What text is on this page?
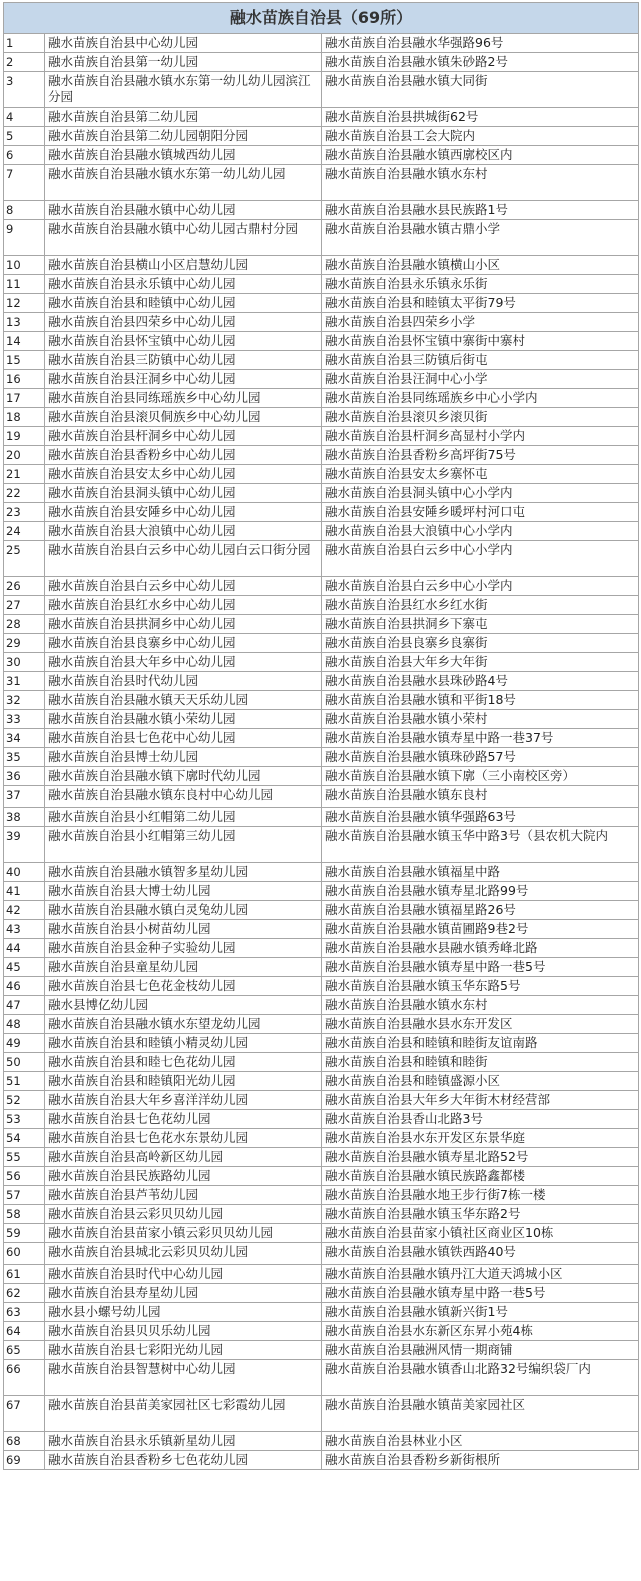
融水苗族自治县（69所）		
1	融水苗族自治县中心幼儿园	融水苗族自治县融水华强路96号
2	融水苗族自治县第一幼儿园	融水苗族自治县融水镇朱砂路2号
3	融水苗族自治县融水镇水东第一幼儿幼儿园滨江分园	融水苗族自治县融水镇大同街
4	融水苗族自治县第二幼儿园	融水苗族自治县拱城街62号
5	融水苗族自治县第二幼儿园朝阳分园	融水苗族自治县工会大院内
6	融水苗族自治县融水镇城西幼儿园	融水苗族自治县融水镇西廓校区内
7	融水苗族自治县融水镇水东第一幼儿幼儿园	融水苗族自治县融水镇水东村
8	融水苗族自治县融水镇中心幼儿园	融水苗族自治县融水县民族路1号
9	融水苗族自治县融水镇中心幼儿园古鼎村分园	融水苗族自治县融水镇古鼎小学
10	融水苗族自治县横山小区启慧幼儿园	融水苗族自治县融水镇横山小区
11	融水苗族自治县永乐镇中心幼儿园	融水苗族自治县永乐镇永乐街
12	融水苗族自治县和睦镇中心幼儿园	融水苗族自治县和睦镇太平街79号
13	融水苗族自治县四荣乡中心幼儿园	融水苗族自治县四荣乡小学
14	融水苗族自治县怀宝镇中心幼儿园	融水苗族自治县怀宝镇中寨街中寨村
15	融水苗族自治县三防镇中心幼儿园	融水苗族自治县三防镇后街屯
16	融水苗族自治县汪洞乡中心幼儿园	融水苗族自治县汪洞中心小学
17	融水苗族自治县同练瑶族乡中心幼儿园	融水苗族自治县同练瑶族乡中心小学内
18	融水苗族自治县滚贝侗族乡中心幼儿园	融水苗族自治县滚贝乡滚贝街
19	融水苗族自治县杆洞乡中心幼儿园	融水苗族自治县杆洞乡高显村小学内
20	融水苗族自治县香粉乡中心幼儿园	融水苗族自治县香粉乡高坪街75号
21	融水苗族自治县安太乡中心幼儿园	融水苗族自治县安太乡寨怀屯
22	融水苗族自治县洞头镇中心幼儿园	融水苗族自治县洞头镇中心小学内
23	融水苗族自治县安陲乡中心幼儿园	融水苗族自治县安陲乡暖坪村河口屯
24	融水苗族自治县大浪镇中心幼儿园	融水苗族自治县大浪镇中心小学内
25	融水苗族自治县白云乡中心幼儿园白云口街分园	融水苗族自治县白云乡中心小学内
26	融水苗族自治县白云乡中心幼儿园	融水苗族自治县白云乡中心小学内
27	融水苗族自治县红水乡中心幼儿园	融水苗族自治县红水乡红水街
28	融水苗族自治县拱洞乡中心幼儿园	融水苗族自治县拱洞乡下寨屯
29	融水苗族自治县良寨乡中心幼儿园	融水苗族自治县良寨乡良寨街
30	融水苗族自治县大年乡中心幼儿园	融水苗族自治县大年乡大年街
31	融水苗族自治县时代幼儿园	融水苗族自治县融水县珠砂路4号
32	融水苗族自治县融水镇天天乐幼儿园	融水苗族自治县融水镇和平街18号
33	融水苗族自治县融水镇小荣幼儿园	融水苗族自治县融水镇小荣村
34	融水苗族自治县七色花中心幼儿园	融水苗族自治县融水镇寿星中路一巷37号
35	融水苗族自治县博士幼儿园	融水苗族自治县融水镇珠砂路57号
36	融水苗族自治县融水镇下廓时代幼儿园	融水苗族自治县融水镇下廓（三小南校区旁）
37	融水苗族自治县融水镇东良村中心幼儿园	融水苗族自治县融水镇东良村
38	融水苗族自治县小红帽第二幼儿园	融水苗族自治县融水镇华强路63号
39	融水苗族自治县小红帽第三幼儿园	融水苗族自治县融水镇玉华中路3号（县农机大院内
40	融水苗族自治县融水镇智多星幼儿园	融水苗族自治县融水镇福星中路
41	融水苗族自治县大博士幼儿园	融水苗族自治县融水镇寿星北路99号
42	融水苗族自治县融水镇白灵兔幼儿园	融水苗族自治县融水镇福星路26号
43	融水苗族自治县小树苗幼儿园	融水苗族自治县融水镇苗圃路9巷2号
44	融水苗族自治县金种子实验幼儿园	融水苗族自治县融水县融水镇秀峰北路
45	融水苗族自治县童星幼儿园	融水苗族自治县融水镇寿星中路一巷5号
46	融水苗族自治县七色花金枝幼儿园	融水苗族自治县融水镇玉华东路5号
47	融水县博亿幼儿园	融水苗族自治县融水镇水东村
48	融水苗族自治县融水镇水东望龙幼儿园	融水苗族自治县融水县水东开发区
49	融水苗族自治县和睦镇小精灵幼儿园	融水苗族自治县和睦镇和睦街友谊南路
50	融水苗族自治县和睦七色花幼儿园	融水苗族自治县和睦镇和睦街
51	融水苗族自治县和睦镇阳光幼儿园	融水苗族自治县和睦镇盛源小区
52	融水苗族自治县大年乡喜洋洋幼儿园	融水苗族自治县大年乡大年街木材经营部
53	融水苗族自治县七色花幼儿园	融水苗族自治县香山北路3号
54	融水苗族自治县七色花水东景幼儿园	融水苗族自治县水东开发区东景华庭
55	融水苗族自治县高岭新区幼儿园	融水苗族自治县融水镇寿星北路52号
56	融水苗族自治县民族路幼儿园	融水苗族自治县融水镇民族路鑫都楼
57	融水苗族自治县芦苇幼儿园	融水苗族自治县融水地王步行街7栋一楼
58	融水苗族自治县云彩贝贝幼儿园	融水苗族自治县融水镇玉华东路2号
59	融水苗族自治县苗家小镇云彩贝贝幼儿园	融水苗族自治县苗家小镇社区商业区10栋
60	融水苗族自治县城北云彩贝贝幼儿园	融水苗族自治县融水镇铁西路40号
61	融水苗族自治县时代中心幼儿园	融水苗族自治县融水镇丹江大道天鸿城小区
62	融水苗族自治县寿星幼儿园	融水苗族自治县融水镇寿星中路一巷5号
63	融水县小螺号幼儿园	融水苗族自治县融水镇新兴街1号
64	融水苗族自治县贝贝乐幼儿园	融水苗族自治县水东新区东昇小苑4栋
65	融水苗族自治县七彩阳光幼儿园	融水苗族自治县融洲风情一期商铺
66	融水苗族自治县智慧树中心幼儿园	融水苗族自治县融水镇香山北路32号编织袋厂内
67	融水苗族自治县苗美家园社区七彩霞幼儿园	融水苗族自治县融水镇苗美家园社区
68	融水苗族自治县永乐镇新星幼儿园	融水苗族自治县林业小区
69	融水苗族自治县香粉乡七色花幼儿园	融水苗族自治县香粉乡新街根所
